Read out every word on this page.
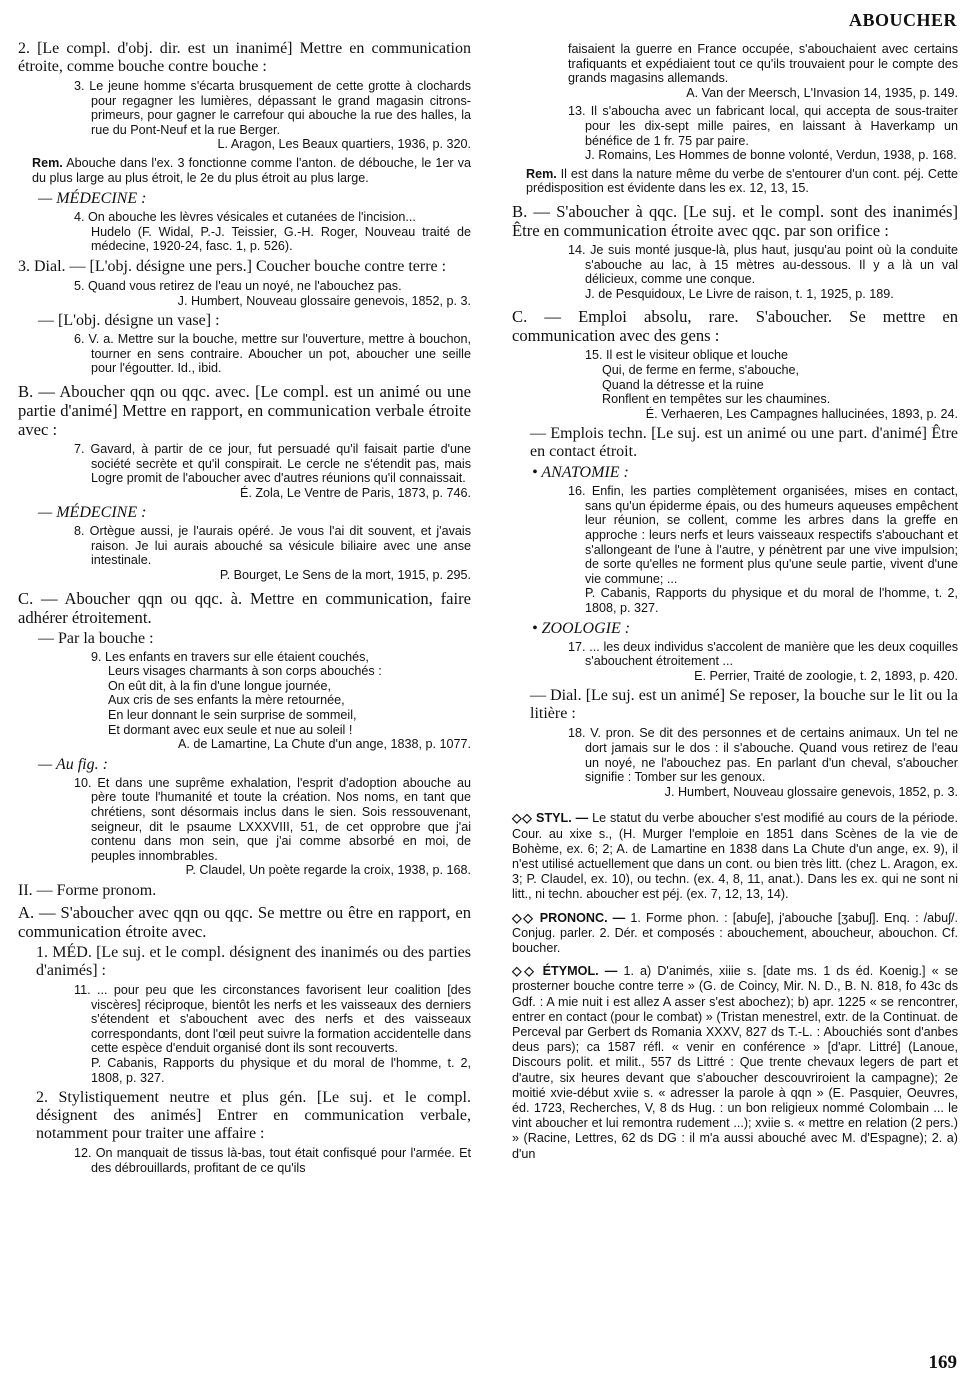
ABOUCHER

2. [Le compl. d'obj. dir. est un inanimé] Mettre en communication étroite, comme bouche contre bouche :

3. Le jeune homme s'écarta brusquement de cette grotte à clochards pour regagner les lumières, dépassant le grand magasin citrons-primeurs, pour gagner le carrefour qui abouche la rue des halles, la rue du Pont-Neuf et la rue Berger.
L. Aragon, Les Beaux quartiers, 1936, p. 320.
Rem. Abouche dans l'ex. 3 fonctionne comme l'anton. de débouche, le 1er va du plus large au plus étroit, le 2e du plus étroit au plus large.
— MÉDECINE :
4. On abouche les lèvres vésicales et cutanées de l'incision...
Hudelo (F. Widal, P.-J. Teissier, G.-H. Roger, Nouveau traité de médecine, 1920-24, fasc. 1, p. 526).

3. Dial. — [L'obj. désigne une pers.] Coucher bouche contre terre :

5. Quand vous retirez de l'eau un noyé, ne l'abouchez pas.
J. Humbert, Nouveau glossaire genevois, 1852, p. 3.
— [L'obj. désigne un vase] :
6. V. a. Mettre sur la bouche, mettre sur l'ouverture, mettre à bouchon, tourner en sens contraire. Aboucher un pot, aboucher une seille pour l'égoutter. Id., ibid.

B. — Aboucher qqn ou qqc. avec. [Le compl. est un animé ou une partie d'animé] Mettre en rapport, en communication verbale étroite avec :

7. Gavard, à partir de ce jour, fut persuadé qu'il faisait partie d'une société secrète et qu'il conspirait. Le cercle ne s'étendit pas, mais Logre promit de l'aboucher avec d'autres réunions qu'il connaissait.
É. Zola, Le Ventre de Paris, 1873, p. 746.
— MÉDECINE :
8. Ortègue aussi, je l'aurais opéré. Je vous l'ai dit souvent, et j'avais raison. Je lui aurais abouché sa vésicule biliaire avec une anse intestinale.
P. Bourget, Le Sens de la mort, 1915, p. 295.

C. — Aboucher qqn ou qqc. à. Mettre en communication, faire adhérer étroitement.

— Par la bouche :
9. Les enfants en travers sur elle étaient couchés,
Leurs visages charmants à son corps abouchés :
On eût dit, à la fin d'une longue journée,
Aux cris de ses enfants la mère retournée,
En leur donnant le sein surprise de sommeil,
Et dormant avec eux seule et nue au soleil !
A. de Lamartine, La Chute d'un ange, 1838, p. 1077.
— Au fig. :
10. Et dans une suprême exhalation, l'esprit d'adoption abouche au père toute l'humanité et toute la création. Nos noms, en tant que chrétiens, sont désormais inclus dans le sien. Sois ressouvenant, seigneur, dit le psaume LXXXVIII, 51, de cet opprobre que j'ai contenu dans mon sein, que j'ai comme absorbé en moi, de peuples innombrables.
P. Claudel, Un poète regarde la croix, 1938, p. 168.

II. — Forme pronom.

A. — S'aboucher avec qqn ou qqc. Se mettre ou être en rapport, en communication étroite avec.

1. MÉD. [Le suj. et le compl. désignent des inanimés ou des parties d'animés] :

11. ... pour peu que les circonstances favorisent leur coalition [des viscères] réciproque, bientôt les nerfs et les vaisseaux des derniers s'étendent et s'abouchent avec des nerfs et des vaisseaux correspondants, dont l'œil peut suivre la formation accidentelle dans cette espèce d'enduit organisé dont ils sont recouverts.
P. Cabanis, Rapports du physique et du moral de l'homme, t. 2, 1808, p. 327.

2. Stylistiquement neutre et plus gén. [Le suj. et le compl. désignent des animés] Entrer en communication verbale, notamment pour traiter une affaire :

12. On manquait de tissus là-bas, tout était confisqué pour l'armée. Et des débrouillards, profitant de ce qu'ils
faisaient la guerre en France occupée, s'abouchaient avec certains trafiquants et expédiaient tout ce qu'ils trouvaient pour le compte des grands magasins allemands.
A. Van der Meersch, L'Invasion 14, 1935, p. 149.
13. Il s'aboucha avec un fabricant local, qui accepta de sous-traiter pour les dix-sept mille paires, en laissant à Haverkamp un bénéfice de 1 fr. 75 par paire.
J. Romains, Les Hommes de bonne volonté, Verdun, 1938, p. 168.
Rem. Il est dans la nature même du verbe de s'entourer d'un cont. péj. Cette prédisposition est évidente dans les ex. 12, 13, 15.

B. — S'aboucher à qqc. [Le suj. et le compl. sont des inanimés] Être en communication étroite avec qqc. par son orifice :

14. Je suis monté jusque-là, plus haut, jusqu'au point où la conduite s'abouche au lac, à 15 mètres au-dessous. Il y a là un val délicieux, comme une conque.
J. de Pesquidoux, Le Livre de raison, t. 1, 1925, p. 189.

C. — Emploi absolu, rare. S'aboucher. Se mettre en communication avec des gens :

15. Il est le visiteur oblique et louche
Qui, de ferme en ferme, s'abouche,
Quand la détresse et la ruine
Ronflent en tempêtes sur les chaumines.
É. Verhaeren, Les Campagnes hallucinées, 1893, p. 24.

— Emplois techn. [Le suj. est un animé ou une part. d'animé] Être en contact étroit.

• ANATOMIE :
16. Enfin, les parties complètement organisées, mises en contact, sans qu'un épiderme épais, ou des humeurs aqueuses empêchent leur réunion, se collent, comme les arbres dans la greffe en approche : leurs nerfs et leurs vaisseaux respectifs s'abouchant et s'allongeant de l'une à l'autre, y pénètrent par une vive impulsion; de sorte qu'elles ne forment plus qu'une seule partie, vivent d'une vie commune; ...
P. Cabanis, Rapports du physique et du moral de l'homme, t. 2, 1808, p. 327.
• ZOOLOGIE :
17. ... les deux individus s'accolent de manière que les deux coquilles s'abouchent étroitement ...
E. Perrier, Traité de zoologie, t. 2, 1893, p. 420.

— Dial. [Le suj. est un animé] Se reposer, la bouche sur le lit ou la litière :

18. V. pron. Se dit des personnes et de certains animaux. Un tel ne dort jamais sur le dos : il s'abouche. Quand vous retirez de l'eau un noyé, ne l'abouchez pas. En parlant d'un cheval, s'aboucher signifie : Tomber sur les genoux.
J. Humbert, Nouveau glossaire genevois, 1852, p. 3.
◇◇ STYL. — Le statut du verbe aboucher s'est modifié au cours de la période. Cour. au xixe s., (H. Murger l'emploie en 1851 dans Scènes de la vie de Bohème, ex. 6; 2; A. de Lamartine en 1838 dans La Chute d'un ange, ex. 9), il n'est utilisé actuellement que dans un cont. ou bien très litt. (chez L. Aragon, ex. 3; P. Claudel, ex. 10), ou techn. (ex. 4, 8, 11, anat.). Dans les ex. qui ne sont ni litt., ni techn. aboucher est péj. (ex. 7, 12, 13, 14).
◇◇ PRONONC. — 1. Forme phon. : [abuʃe], j'abouche [ʒabuʃ]. Enq. : /abuʃ/. Conjug. parler. 2. Dér. et composés : abouchement, aboucheur, abouchon. Cf. boucher.
◇◇ ÉTYMOL. — 1. a) D'animés, xiiie s. [date ms. 1 ds éd. Koenig.] « se prosterner bouche contre terre » (G. de Coincy, Mir. N. D., B. N. 818, fo 43c ds Gdf. : A mie nuit i est allez A asser s'est abochez); b) apr. 1225 « se rencontrer, entrer en contact (pour le combat) » (Tristan menestrel, extr. de la Continuat. de Perceval par Gerbert ds Romania XXXV, 827 ds T.-L. : Abouchiés sont d'anbes deus pars); ca 1587 réfl. « venir en conférence » [d'apr. Littré] (Lanoue, Discours polit. et milit., 557 ds Littré : Que trente chevaux legers de part et d'autre, six heures devant que s'aboucher descouvriroient la campagne); 2e moitié xvie-début xviie s. « adresser la parole à qqn » (E. Pasquier, Oeuvres, éd. 1723, Recherches, V, 8 ds Hug. : un bon religieux nommé Colombain ... le vint aboucher et lui remontra rudement ...); xviie s. « mettre en relation (2 pers.) » (Racine, Lettres, 62 ds DG : il m'a aussi abouché avec M. d'Espagne); 2. a) d'un
169
